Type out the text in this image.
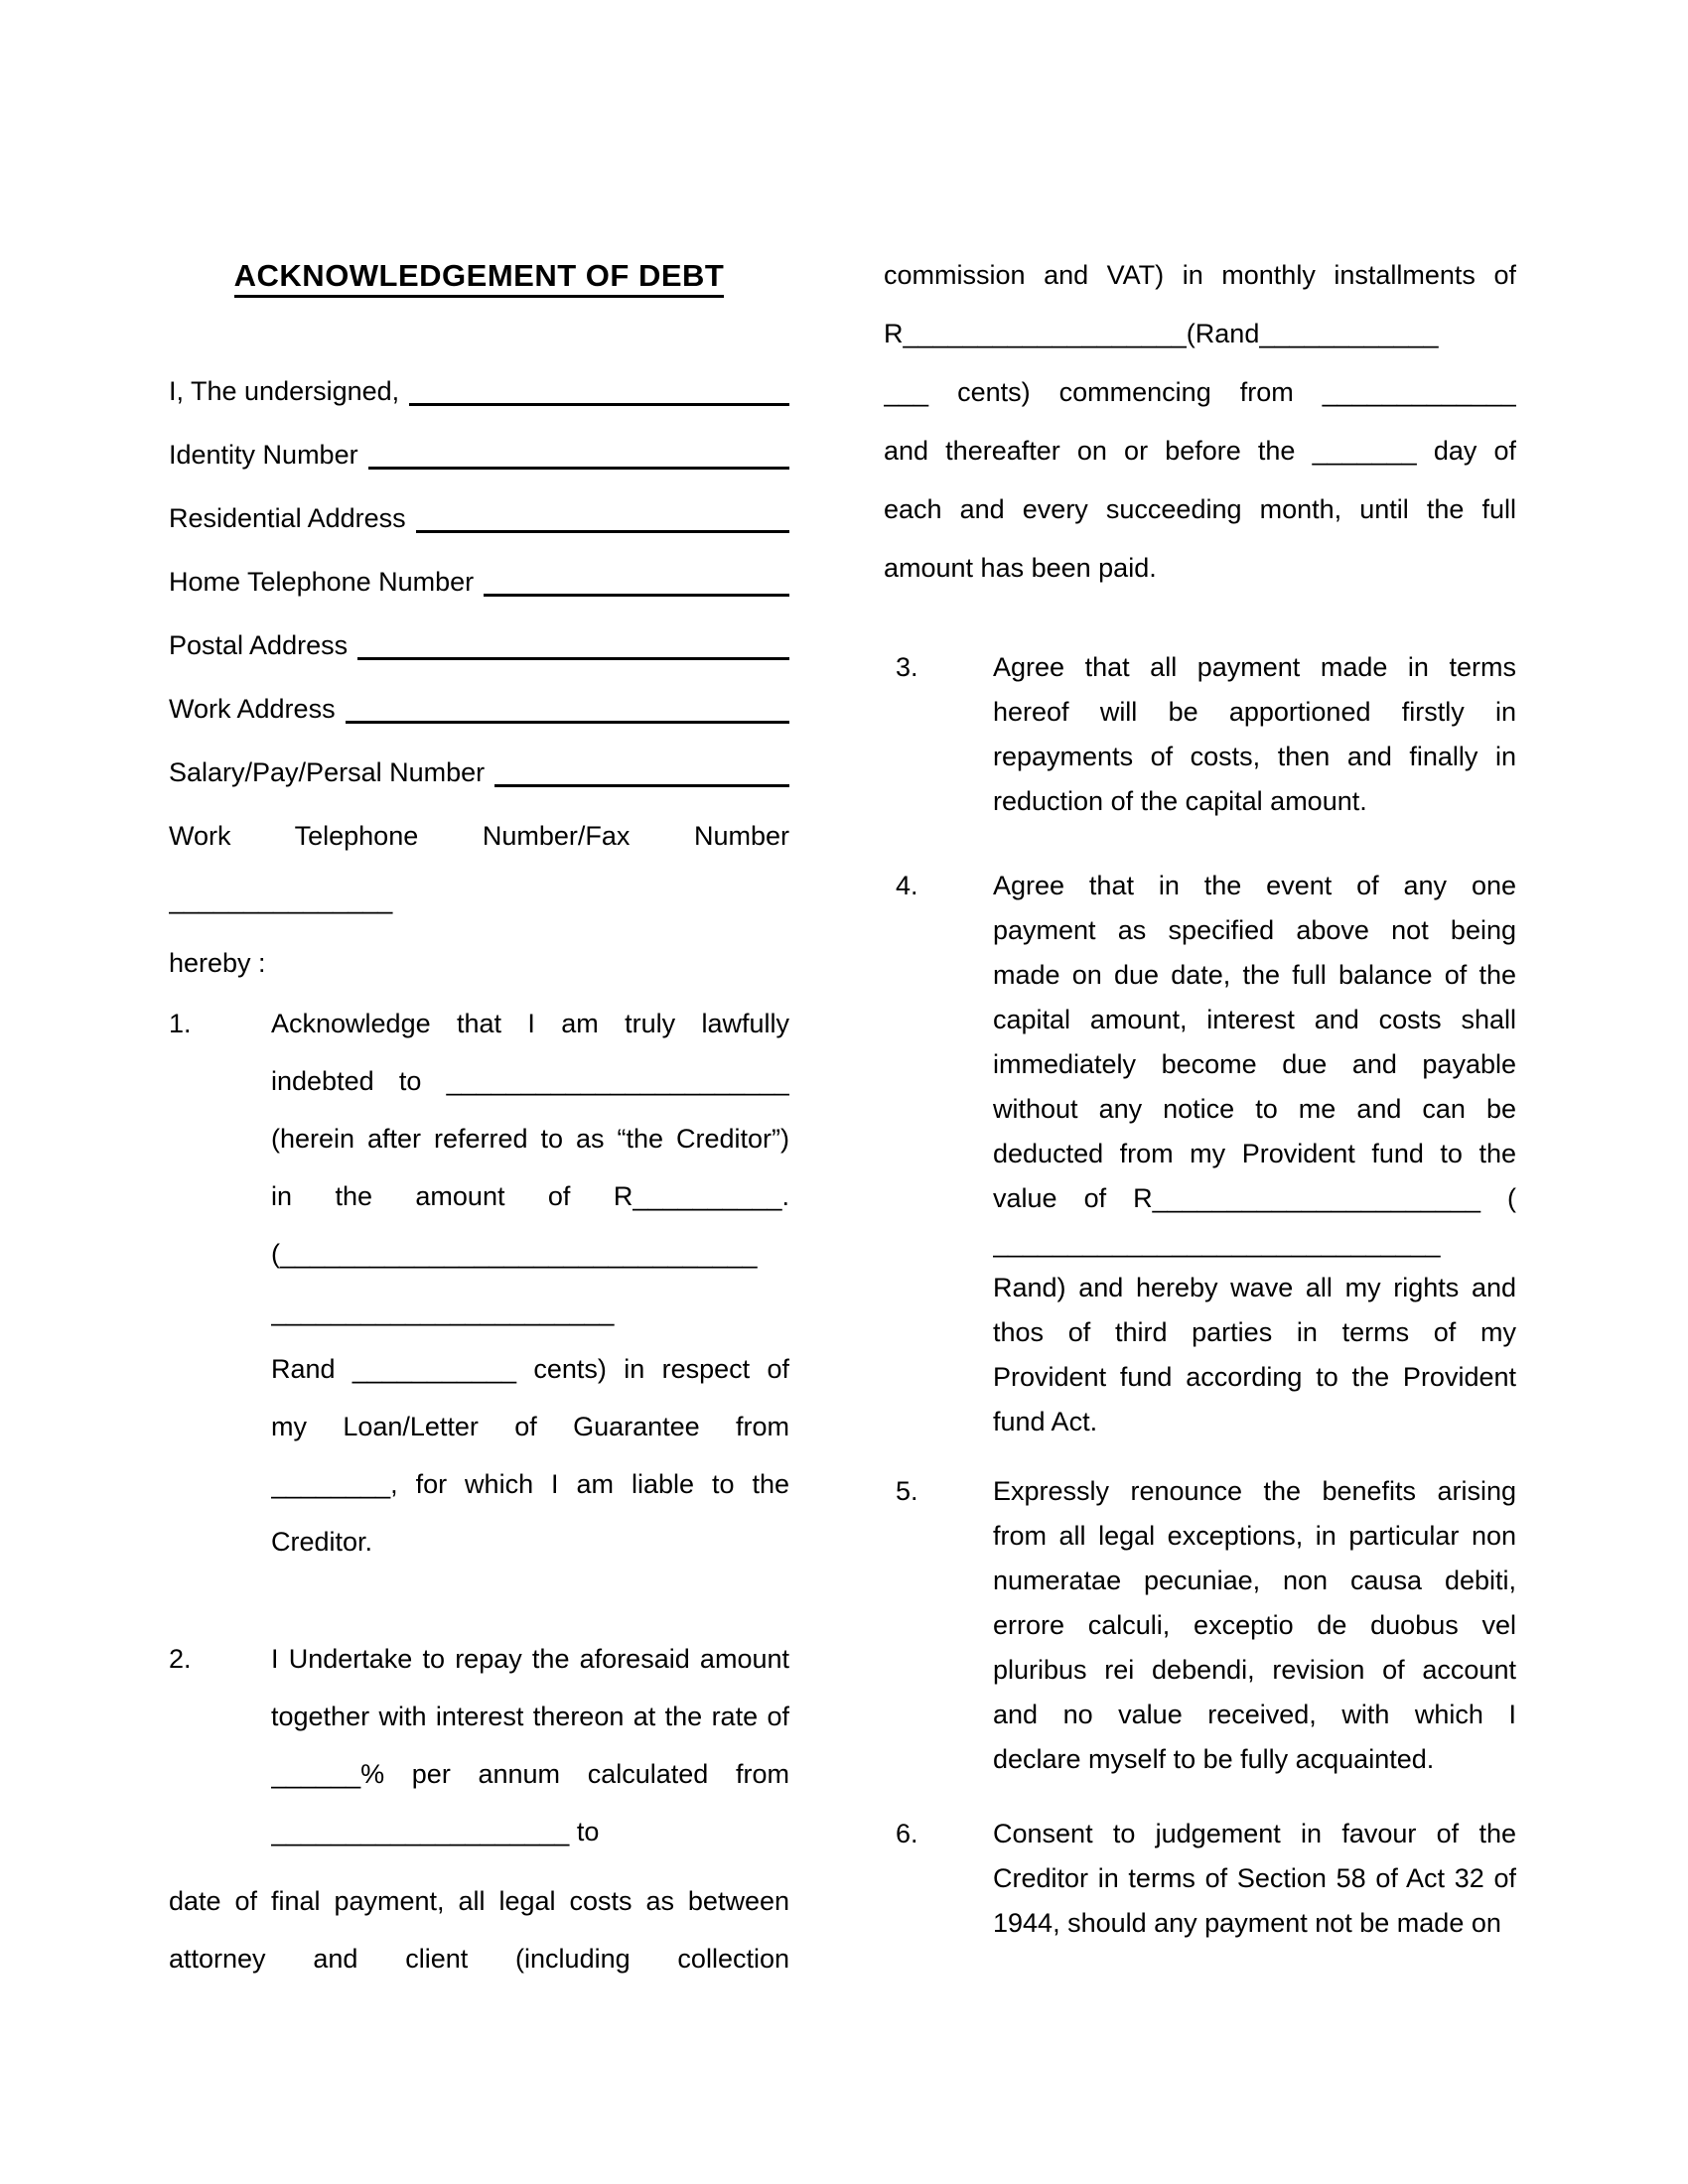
ACKNOWLEDGEMENT OF DEBT
I, The undersigned,
Identity Number
Residential Address
Home Telephone Number
Postal Address
Work Address
Salary/Pay/Persal Number
Work Telephone Number/Fax Number
_______________
hereby :
1.	Acknowledge that I am truly lawfully
indebted to _______________________
(herein after referred to as “the Creditor”)
in the amount of R__________.
(________________________________
_______________________
Rand ___________ cents) in respect of
my Loan/Letter of Guarantee from
________, for which I am liable to the
Creditor.
2.	I Undertake to repay the aforesaid amount
together with interest thereon at the rate of
______% per annum calculated from
____________________ to
date of final payment, all legal costs as between
attorney and client (including collection
commission and VAT) in monthly installments of
R___________________(Rand____________
___ cents) commencing from _____________
and thereafter on or before the _______ day of
each and every succeeding month, until the full
amount has been paid.
3.	Agree that all payment made in terms
hereof will be apportioned firstly in
repayments of costs, then and finally in
reduction of the capital amount.
4.	Agree that in the event of any one
payment as specified above not being
made on due date, the full balance of the
capital amount, interest and costs shall
immediately become due and payable
without any notice to me and can be
deducted from my Provident fund to the
value of R______________________ (
______________________________
Rand) and hereby wave all my rights and
thos of third parties in terms of my
Provident fund according to the Provident
fund Act.
5.	Expressly renounce the benefits arising
from all legal exceptions, in particular non
numeratae pecuniae, non causa debiti,
errore calculi, exceptio de duobus vel
pluribus rei debendi, revision of account
and no value received, with which I
declare myself to be fully acquainted.
6.	Consent to judgement in favour of the
Creditor in terms of Section 58 of Act 32 of
1944, should any payment not be made on
